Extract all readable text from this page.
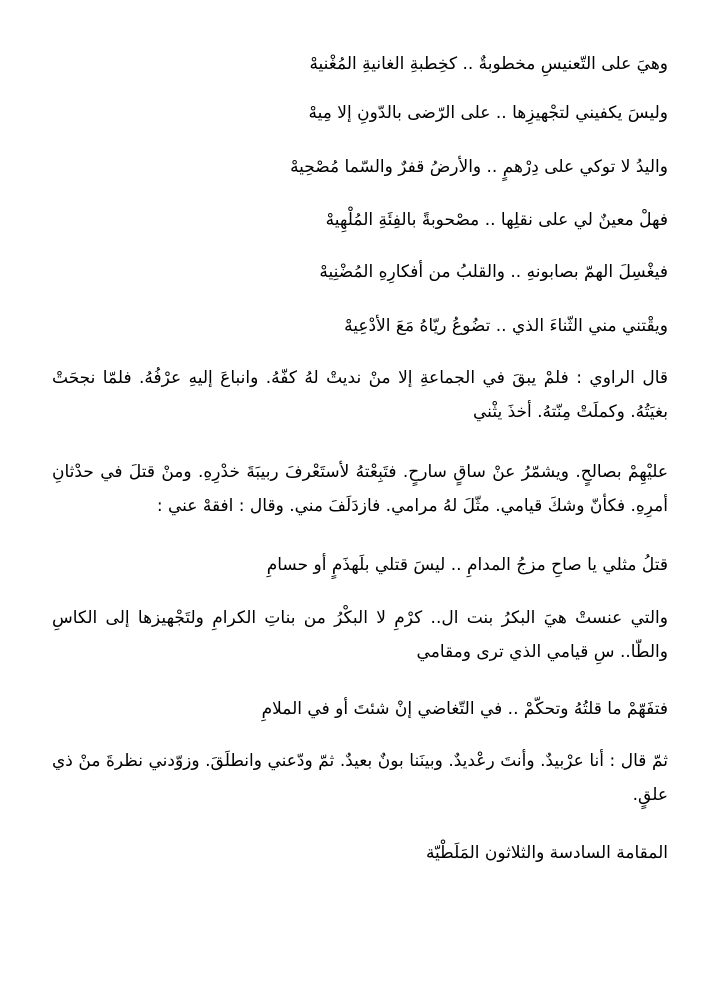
وهيَ على التّعنيسِ مخطوبةٌ .. كخِطبةِ الغانيةِ المُغْنيهْ
وليسَ يكفيني لتجْهيزِها .. على الرّضى بالدّونِ إلا مِيهْ
واليدُ لا توكي على دِرْهمٍ .. والأرضُ قفرٌ والسّما مُصْحِيهْ
فهلْ معينٌ لي على نقلِها .. مصْحوبةً بالفِئَةِ المُلْهِيهْ
فيغْسِلَ الهمّ بصابونهِ .. والقلبُ من أفكارِهِ المُضْنِيهْ
ويقْتني مني الثّناءَ الذي .. تضُوعُ ريّاهُ مَعَ الأدْعِيهْ
قال الراوي : فلمْ يبقَ في الجماعةِ إلا منْ نديتْ لهُ كفّهُ. وانباعَ إليهِ عرْفُهُ. فلمّا نجحَتْ بغيَتُهُ. وكملَتْ مِنّتهُ. أخذَ يثْني
عليْهِمْ بصالحٍ. ويشمّرُ عنْ ساقٍ سارحٍ. فتَبِعْتهُ لأستَعْرفَ ربيبَةَ خدْرِهِ. ومنْ قتلَ في حدْثانِ أمرِهِ. فكأنّ وشكَ قيامي. مثّلَ لهُ مرامي. فازدَلَفَ مني. وقال : افقهْ عني :
قتلُ مثلي يا صاحِ مزجُ المدامِ .. ليسَ قتلي بلَهذَمٍ أو حسامِ
والتي عنستْ هيَ البكرُ بنت ال.. كرْمِ لا البكْرُ من بناتِ الكرامِ ولتَجْهيزها إلى الكاسِ والطّا.. سِ قيامي الذي ترى ومقامي
فتفَهّمْ ما قلتُهُ وتحكّمْ .. في التّغاضي إنْ شئتَ أو في الملامِ
ثمّ قال : أنا عرْبيدٌ. وأنتَ رعْديدٌ. وبينَنا بونٌ بعيدٌ. ثمّ ودّعني وانطلَقَ. وزوّدني نظرةَ منْ ذي علقٍ.
المقامة السادسة والثلاثون المَلَطْيّة
